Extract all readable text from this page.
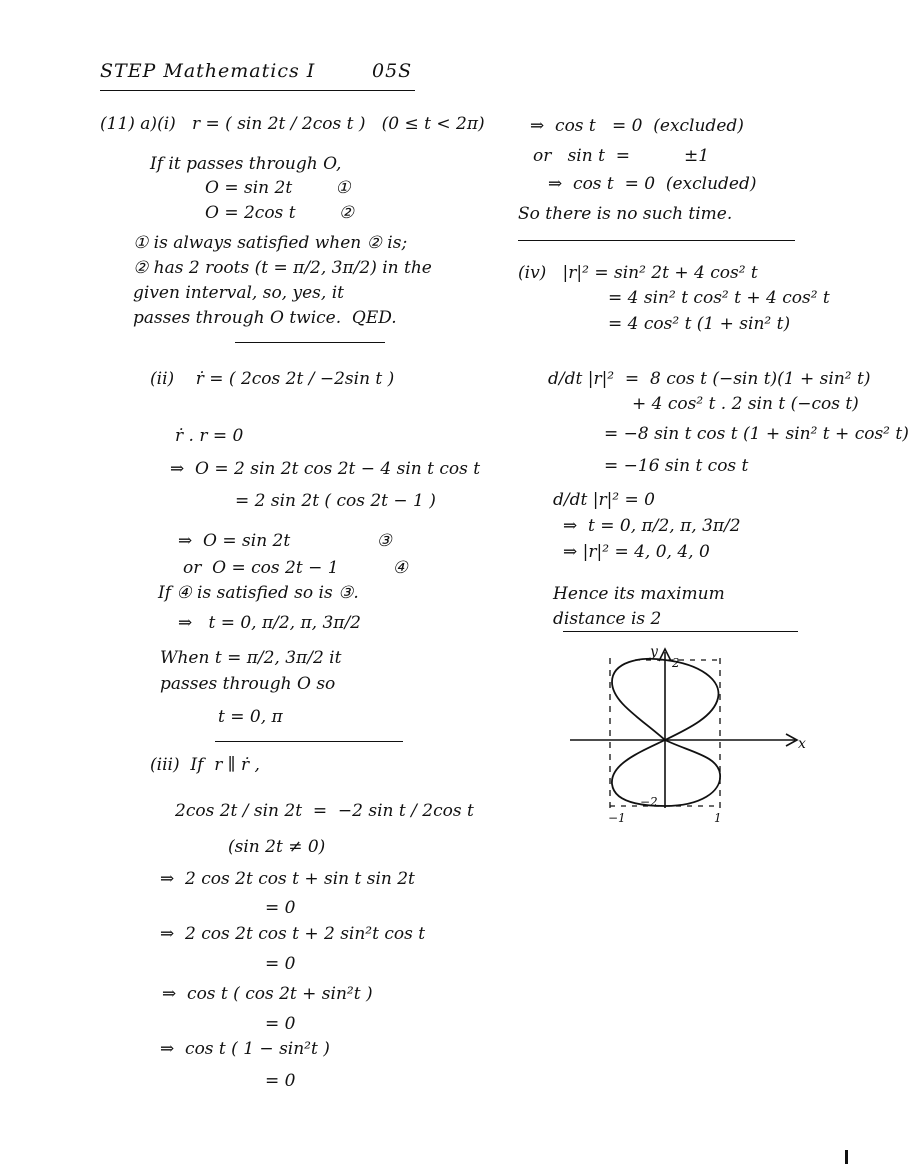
STEP Mathematics I	05S
(11) a)(i)   r = ( sin 2t / 2cos t )   (0 ≤ t < 2π)
If it passes through O,
O = sin 2t        ①
O = 2cos t        ②
① is always satisfied when ② is;
② has 2 roots (t = π/2, 3π/2) in the
given interval, so, yes, it
passes through O twice.  QED.
(ii)    ṙ = ( 2cos 2t / −2sin t )
ṙ . r = 0
⇒  O = 2 sin 2t cos 2t − 4 sin t cos t
= 2 sin 2t ( cos 2t − 1 )
⇒  O = sin 2t                ③
or  O = cos 2t − 1          ④
If ④ is satisfied so is ③.
⇒   t = 0, π/2, π, 3π/2
When t = π/2, 3π/2 it
passes through O so
t = 0, π
(iii)  If  r ∥ ṙ ,
2cos 2t / sin 2t  =  −2 sin t / 2cos t
(sin 2t ≠ 0)
⇒  2 cos 2t cos t + sin t sin 2t
= 0
⇒  2 cos 2t cos t + 2 sin²t cos t
= 0
⇒  cos t ( cos 2t + sin²t )
= 0
⇒  cos t ( 1 − sin²t )
= 0
⇒  cos t   = 0  (excluded)
or   sin t  =          ±1
⇒  cos t  = 0  (excluded)
So there is no such time.
(iv)   |r|² = sin² 2t + 4 cos² t
= 4 sin² t cos² t + 4 cos² t
= 4 cos² t (1 + sin² t)
d/dt |r|²  =  8 cos t (−sin t)(1 + sin² t)
+ 4 cos² t . 2 sin t (−cos t)
= −8 sin t cos t (1 + sin² t + cos² t)
= −16 sin t cos t
d/dt |r|² = 0
⇒  t = 0, π/2, π, 3π/2
⇒ |r|² = 4, 0, 4, 0
Hence its maximum
distance is 2
y
x
2
−2
−1	1
